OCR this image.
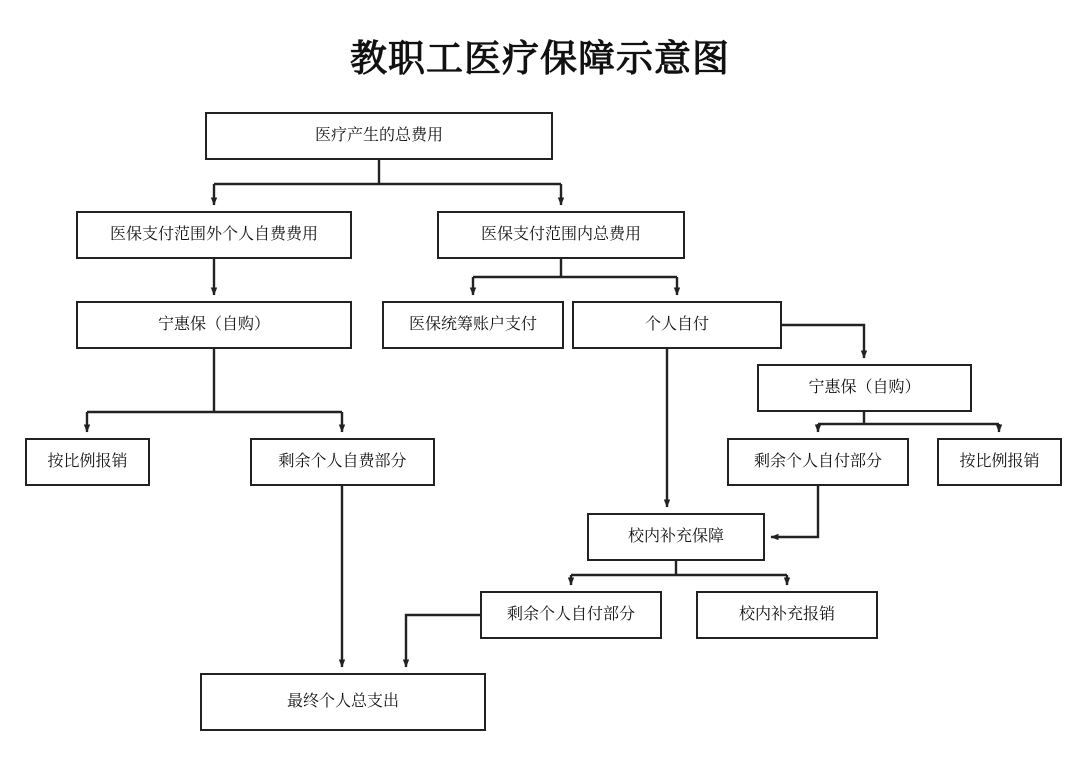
教职工医疗保障示意图
医疗产生的总费用
医保支付范围外个人自费费用	医保支付范围内总费用
宁惠保（自购）	医保统筹账户支付	个人自付
宁惠保（自购）
按比例报销	剩余个人自费部分	剩余个人自付部分	按比例报销
校内补充保障
剩余个人自付部分	校内补充报销
最终个人总支出
